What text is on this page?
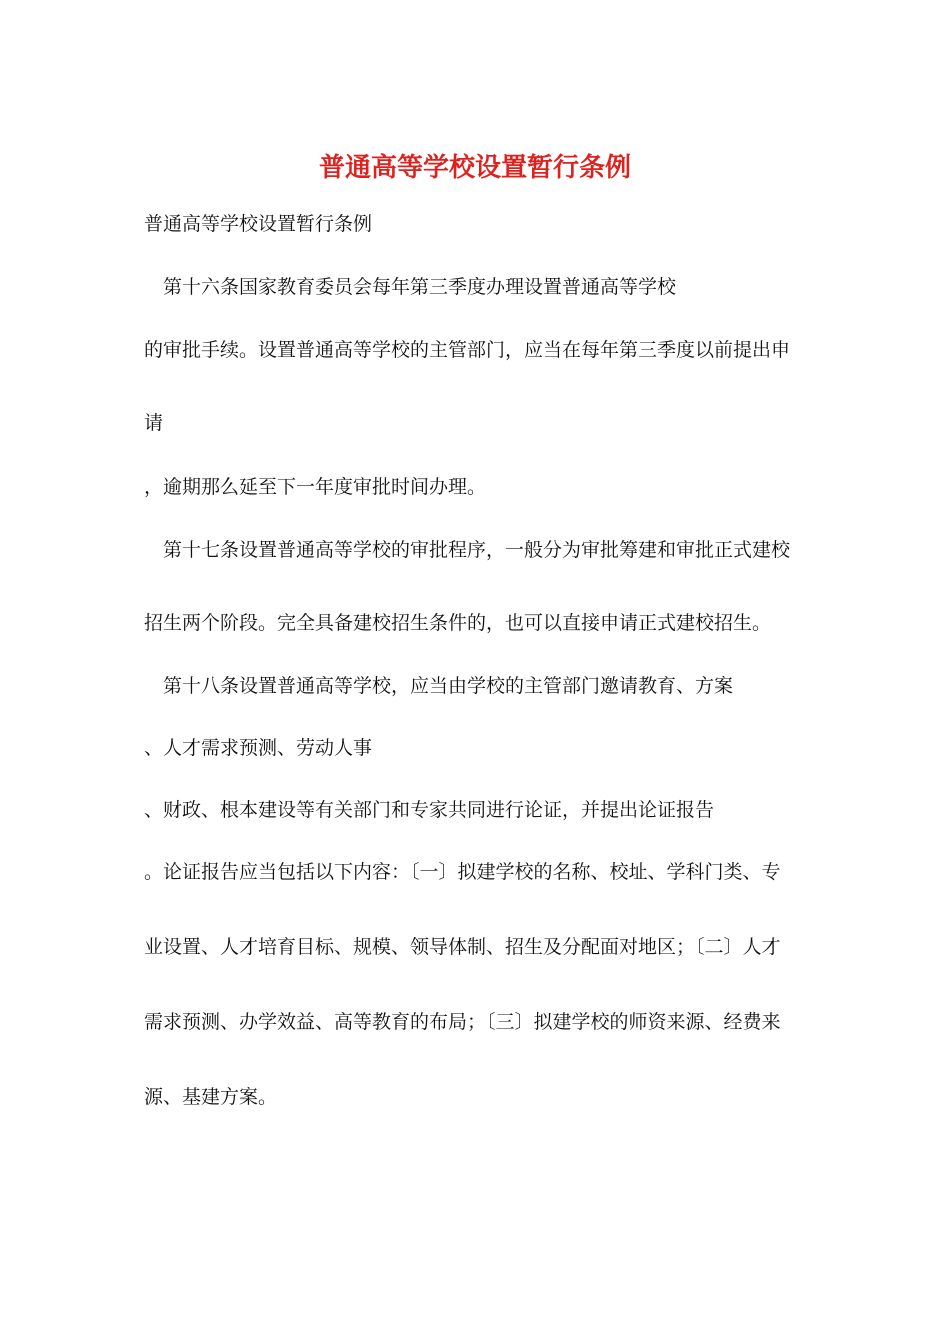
普通高等学校设置暂行条例
普通高等学校设置暂行条例
第十六条国家教育委员会每年第三季度办理设置普通高等学校
的审批手续。设置普通高等学校的主管部门，应当在每年第三季度以前提出申
请
，逾期那么延至下一年度审批时间办理。
第十七条设置普通高等学校的审批程序，一般分为审批筹建和审批正式建校
招生两个阶段。完全具备建校招生条件的，也可以直接申请正式建校招生。
第十八条设置普通高等学校，应当由学校的主管部门邀请教育、方案
、人才需求预测、劳动人事
、财政、根本建设等有关部门和专家共同进行论证，并提出论证报告
。论证报告应当包括以下内容：〔一〕拟建学校的名称、校址、学科门类、专
业设置、人才培育目标、规模、领导体制、招生及分配面对地区；〔二〕人才
需求预测、办学效益、高等教育的布局；〔三〕拟建学校的师资来源、经费来
源、基建方案。
